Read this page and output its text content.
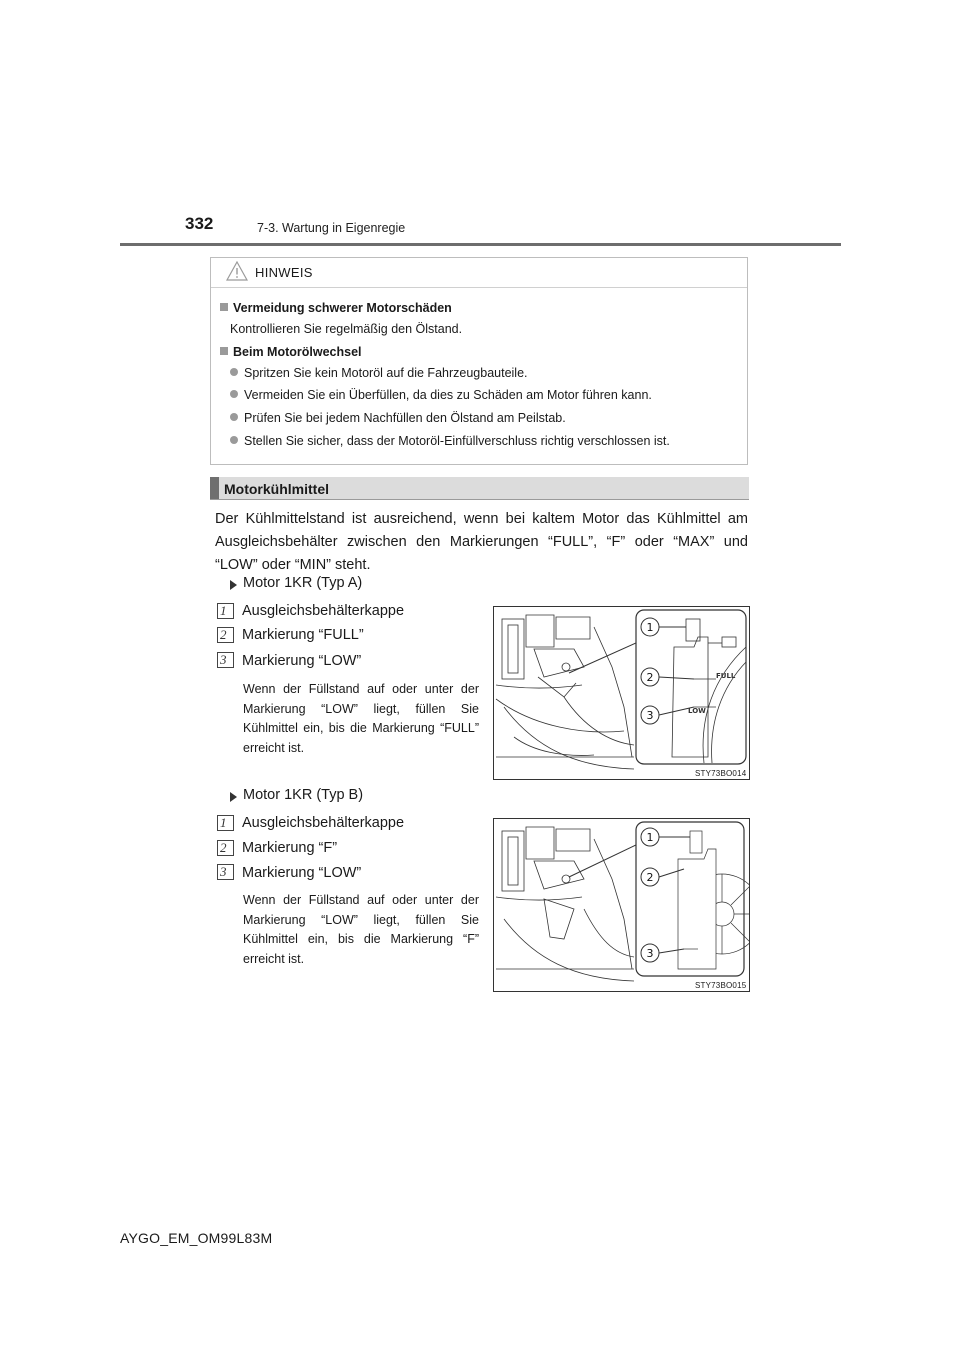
332	7-3. Wartung in Eigenregie
HINWEIS
Vermeidung schwerer Motorschäden
Kontrollieren Sie regelmäßig den Ölstand.
Beim Motorölwechsel
Spritzen Sie kein Motoröl auf die Fahrzeugbauteile.
Vermeiden Sie ein Überfüllen, da dies zu Schäden am Motor führen kann.
Prüfen Sie bei jedem Nachfüllen den Ölstand am Peilstab.
Stellen Sie sicher, dass der Motoröl-Einfüllverschluss richtig verschlossen ist.
Motorkühlmittel
Der Kühlmittelstand ist ausreichend, wenn bei kaltem Motor das Kühlmittel am Ausgleichsbehälter zwischen den Markierungen “FULL”, “F” oder “MAX” und “LOW” oder “MIN” steht.
Motor 1KR (Typ A)
1 Ausgleichsbehälterkappe
2 Markierung “FULL”
3 Markierung “LOW”
Wenn der Füllstand auf oder unter der Markierung “LOW” liegt, füllen Sie Kühlmittel ein, bis die Markierung “FULL” erreicht ist.
FULL
LOW
1
2
3
STY73BO014
Motor 1KR (Typ B)
1 Ausgleichsbehälterkappe
2 Markierung “F”
3 Markierung “LOW”
Wenn der Füllstand auf oder unter der Markierung “LOW” liegt, füllen Sie Kühlmittel ein, bis die Markierung “F” erreicht ist.
1
2
3
STY73BO015
AYGO_EM_OM99L83M
